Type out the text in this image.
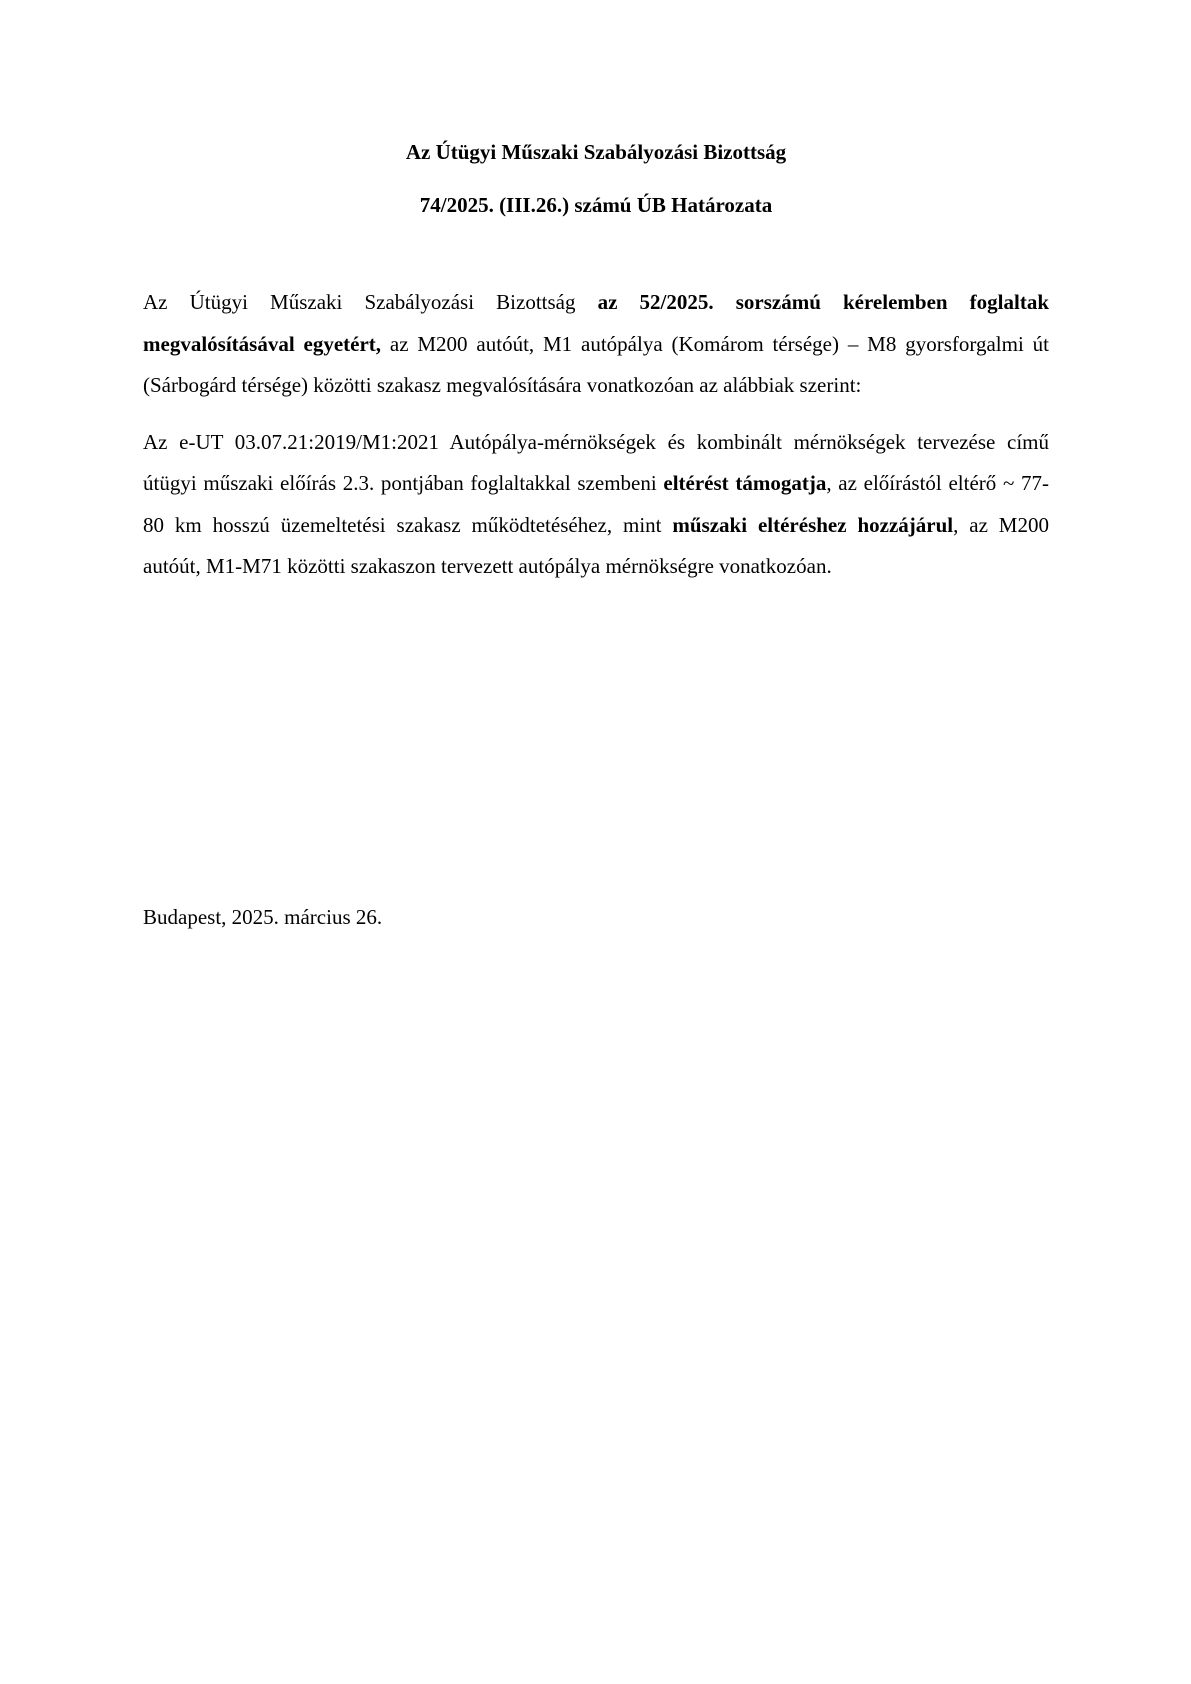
Az Útügyi Műszaki Szabályozási Bizottság

74/2025. (III.26.) számú ÚB Határozata

Az Útügyi Műszaki Szabályozási Bizottság az 52/2025. sorszámú kérelemben foglaltak megvalósításával egyetért, az M200 autóút, M1 autópálya (Komárom térsége) – M8 gyorsforgalmi út (Sárbogárd térsége) közötti szakasz megvalósítására vonatkozóan az alábbiak szerint:

Az e-UT 03.07.21:2019/M1:2021 Autópálya-mérnökségek és kombinált mérnökségek tervezése című útügyi műszaki előírás 2.3. pontjában foglaltakkal szembeni eltérést támogatja, az előírástól eltérő ~ 77-80 km hosszú üzemeltetési szakasz működtetéséhez, mint műszaki eltéréshez hozzájárul, az M200 autóút, M1-M71 közötti szakaszon tervezett autópálya mérnökségre vonatkozóan.

Budapest, 2025. március 26.
